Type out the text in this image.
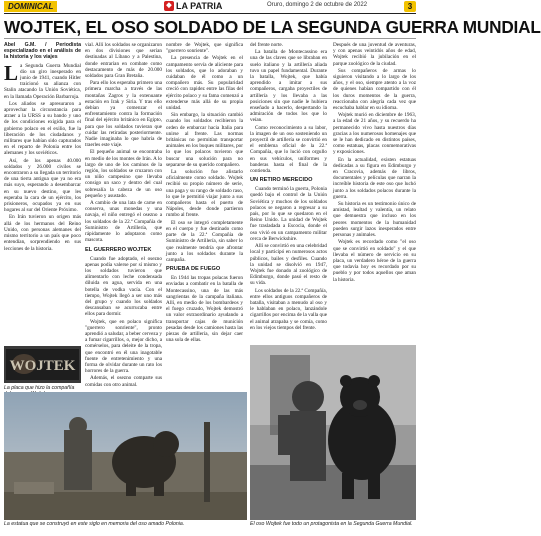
DOMINICAL	◆ LA PATRIA	Oruro, domingo 2 de octubre de 2022	3
WOJTEK, EL OSO SOLDADO DE LA SEGUNDA GUERRA MUNDIAL
Abel G.M. / Periodista especializado en el análisis de la historia y los viajes

La Segunda Guerra Mundial dio un giro inesperado en junio de 1941, cuando Hitler traicionó su alianza con Stalin atacando la Unión Soviética, en la llamada Operación Barbarroja.

Los aliados se apresuraron a aprovechar la circunstancia para atraer a la URSS a su bando y uno de los condiciones exigida para el gobierno polaco en el exilio, fue la liberación de los ciudadanos y militares que habían sido capturados en el reparto de Polonia entre los alemanes y los soviéticos.

Así, de los apenas 40.000 soldados y 26.000 civiles se encontraron a su llegada un territorio de una tierra antigua que ya no era más suyo, esperando a desembarcar en su nuevo destino, que les esperaba la cara de un ejército, los prisioneros, ocupados ya en sus hogares al sur del Oriente Próximo.

En Irán tuvieron un origen más allá de los hermanos del Reino Unido, con personas alemanes del mismo territorio a un país que poco entendían, sorprendiendo en sus lecciones de la historia.

WOJTEK
La placa que hizo la compañía

vial. Allí los soldados se organizaron en dos divisiones que serían destinadas al Líbano y a Palestina, donde entrarían en combate como destacamento de más de 20.000 soldados para Gran Bretaña.

Para ello los esperaba primero una primera marcha a través de las montañas Zagros y la extenuante estación en Irak y Siria. Y tras ello debían ya comenzar el enfrentamiento contra la formación final del ejército británico en Egipto, para que los soldados tuvieran que cuidar las retiradas posteriormente. Nadie imaginaba lo que habría de traerles este viaje.

El pequeño animal se encontraba en medio de los montes de Irán. A lo largo de uno de los caminos de la región, los soldados se cruzaron con un niño campesino que llevaba consigo un saco y dentro del cual sobresalía la cabeza de un oso pequeño y asustado.

A cambio de una lata de carne en conserva, unas monedas y una navaja, el niño entregó el osezno a los soldados de la 22.ª Compañía de Suministro de Artillería, que rápidamente lo adoptaron como mascota.

EL GUERRERO WOJTEK

Cuando fue adoptado, el osezno apenas podía valerse por sí mismo y los soldados tuvieron que alimentarlo con leche condensada diluida en agua, servida en una botella de vodka vacía. Con el tiempo, Wojtek llegó a ser uno más del grupo y cuando los soldados descansaban se acurrucaba entre ellos para dormir.

Wojtek, que en polaco significa "guerrero sonriente", pronto aprendió a saludar, a beber cerveza y a fumar cigarrillos, o, mejor dicho, a comérselos, para deleite de la tropa, que encontró en él una inagotable fuente de entretenimiento y una forma de olvidar durante un rato los horrores de la guerra.

Además, el osezno comparte sus comidas con otro animal.

nombre de Wojtek, que significa "guerrero sonriente".

La presencia de Wojtek en el campamento servía de aliciente para los soldados, que lo adoraban y cuidaban de él como a un compañero más. Su popularidad creció con rapidez entre las filas del ejército polaco y su fama comenzó a extenderse más allá de su propia unidad.

Sin embargo, la situación cambió cuando los soldados recibieron la orden de embarcar hacia Italia para unirse al frente. Las normas británicas no permitían transportar animales en los buques militares, por lo que los polacos tuvieron que buscar una solución para no separarse de su querido compañero.

La solución fue alistarlo oficialmente como soldado. Wojtek recibió su propio número de serie, una paga y su rango de soldado raso, lo que le permitió viajar junto a sus compañeros hasta el puerto de Nápoles, desde donde partieron rumbo al frente.

El oso se integró completamente en el cuerpo y fue destinado como parte de la 22.ª Compañía de Suministro de Artillería, sin saber lo que realmente tendría que afrontar junto a los soldados durante la campaña.

PRUEBA DE FUEGO

En 1944 las tropas polacas fueron enviadas a combatir en la batalla de Montecassino, una de las más sangrientas de la campaña italiana. Allí, en medio de los bombardeos y el fuego cruzado, Wojtek demostró un valor extraordinario ayudando a transportar cajas de munición pesadas desde los camiones hasta las piezas de artillería, sin dejar caer una sola de ellas.

del frente norte.

La batalla de Montecassino era una de las claves que se libraban en suelo italiano y la artillería aliada tuvo un papel fundamental. Durante la batalla, Wojtek, que había aprendido a imitar a sus compañeros, cargaba proyectiles de artillería y los llevaba a las posiciones sin que nadie le hubiera enseñado a hacerlo, despertando la admiración de todos los que lo veían.

Como reconocimiento a su labor, la imagen de un oso sosteniendo un proyectil de artillería se convirtió en el emblema oficial de la 22.ª Compañía, que lo lució con orgullo en sus vehículos, uniformes y banderas hasta el final de la contienda.

UN RETIRO MERECIDO

Cuando terminó la guerra, Polonia quedó bajo el control de la Unión Soviética y muchos de los soldados polacos se negaron a regresar a su país, por lo que se quedaron en el Reino Unido. La unidad de Wojtek fue trasladada a Escocia, donde el oso vivió en un campamento militar cerca de Berwickshire.

Allí se convirtió en una celebridad local y participó en numerosos actos públicos, bailes y desfiles. Cuando la unidad se disolvió en 1947, Wojtek fue donado al zoológico de Edimburgo, donde pasó el resto de su vida.

Los soldados de la 22.ª Compañía, entre ellos antiguos compañeros de batalla, visitaban a menudo al oso y le hablaban en polaco, lanzándole cigarrillos por encima de la valla que el animal atrapaba y se comía, como en los viejos tiempos del frente.

Después de una juventud de aventuras, y con apenas veintidós años de edad, Wojtek recibió la jubilación en el parque zoológico de la ciudad.

Sus compañeros de armas lo siguieron visitando a lo largo de los años, y el oso, siempre atento a la voz de quienes habían compartido con él los duros momentos de la guerra, reaccionaba con alegría cada vez que escuchaba hablar en su idioma.

Wojtek murió en diciembre de 1963, a la edad de 21 años, y su recuerdo ha permanecido vivo hasta nuestros días gracias a los numerosos homenajes que se le han dedicado en distintos países, como estatuas, placas conmemorativas y exposiciones.

En la actualidad, existen estatuas dedicadas a su figura en Edimburgo y en Cracovia, además de libros, documentales y películas que narran la increíble historia de este oso que luchó junto a los soldados polacos durante la guerra.

Su historia es un testimonio único de amistad, lealtad y valentía, un relato que demuestra que incluso en los peores momentos de la humanidad pueden surgir lazos inesperados entre personas y animales.

Wojtek es recordado como "el oso que se convirtió en soldado" y el que llevaba el número de servicio en su placa, un verdadero héroe de la guerra que todavía hoy es recordado por su pueblo y por todos aquellos que aman la historia.

La estatua que se construyó en este siglo en memoria del oso amado Polonia.	El oso Wojtek fue todo un protagonista en la Segunda Guerra Mundial.
